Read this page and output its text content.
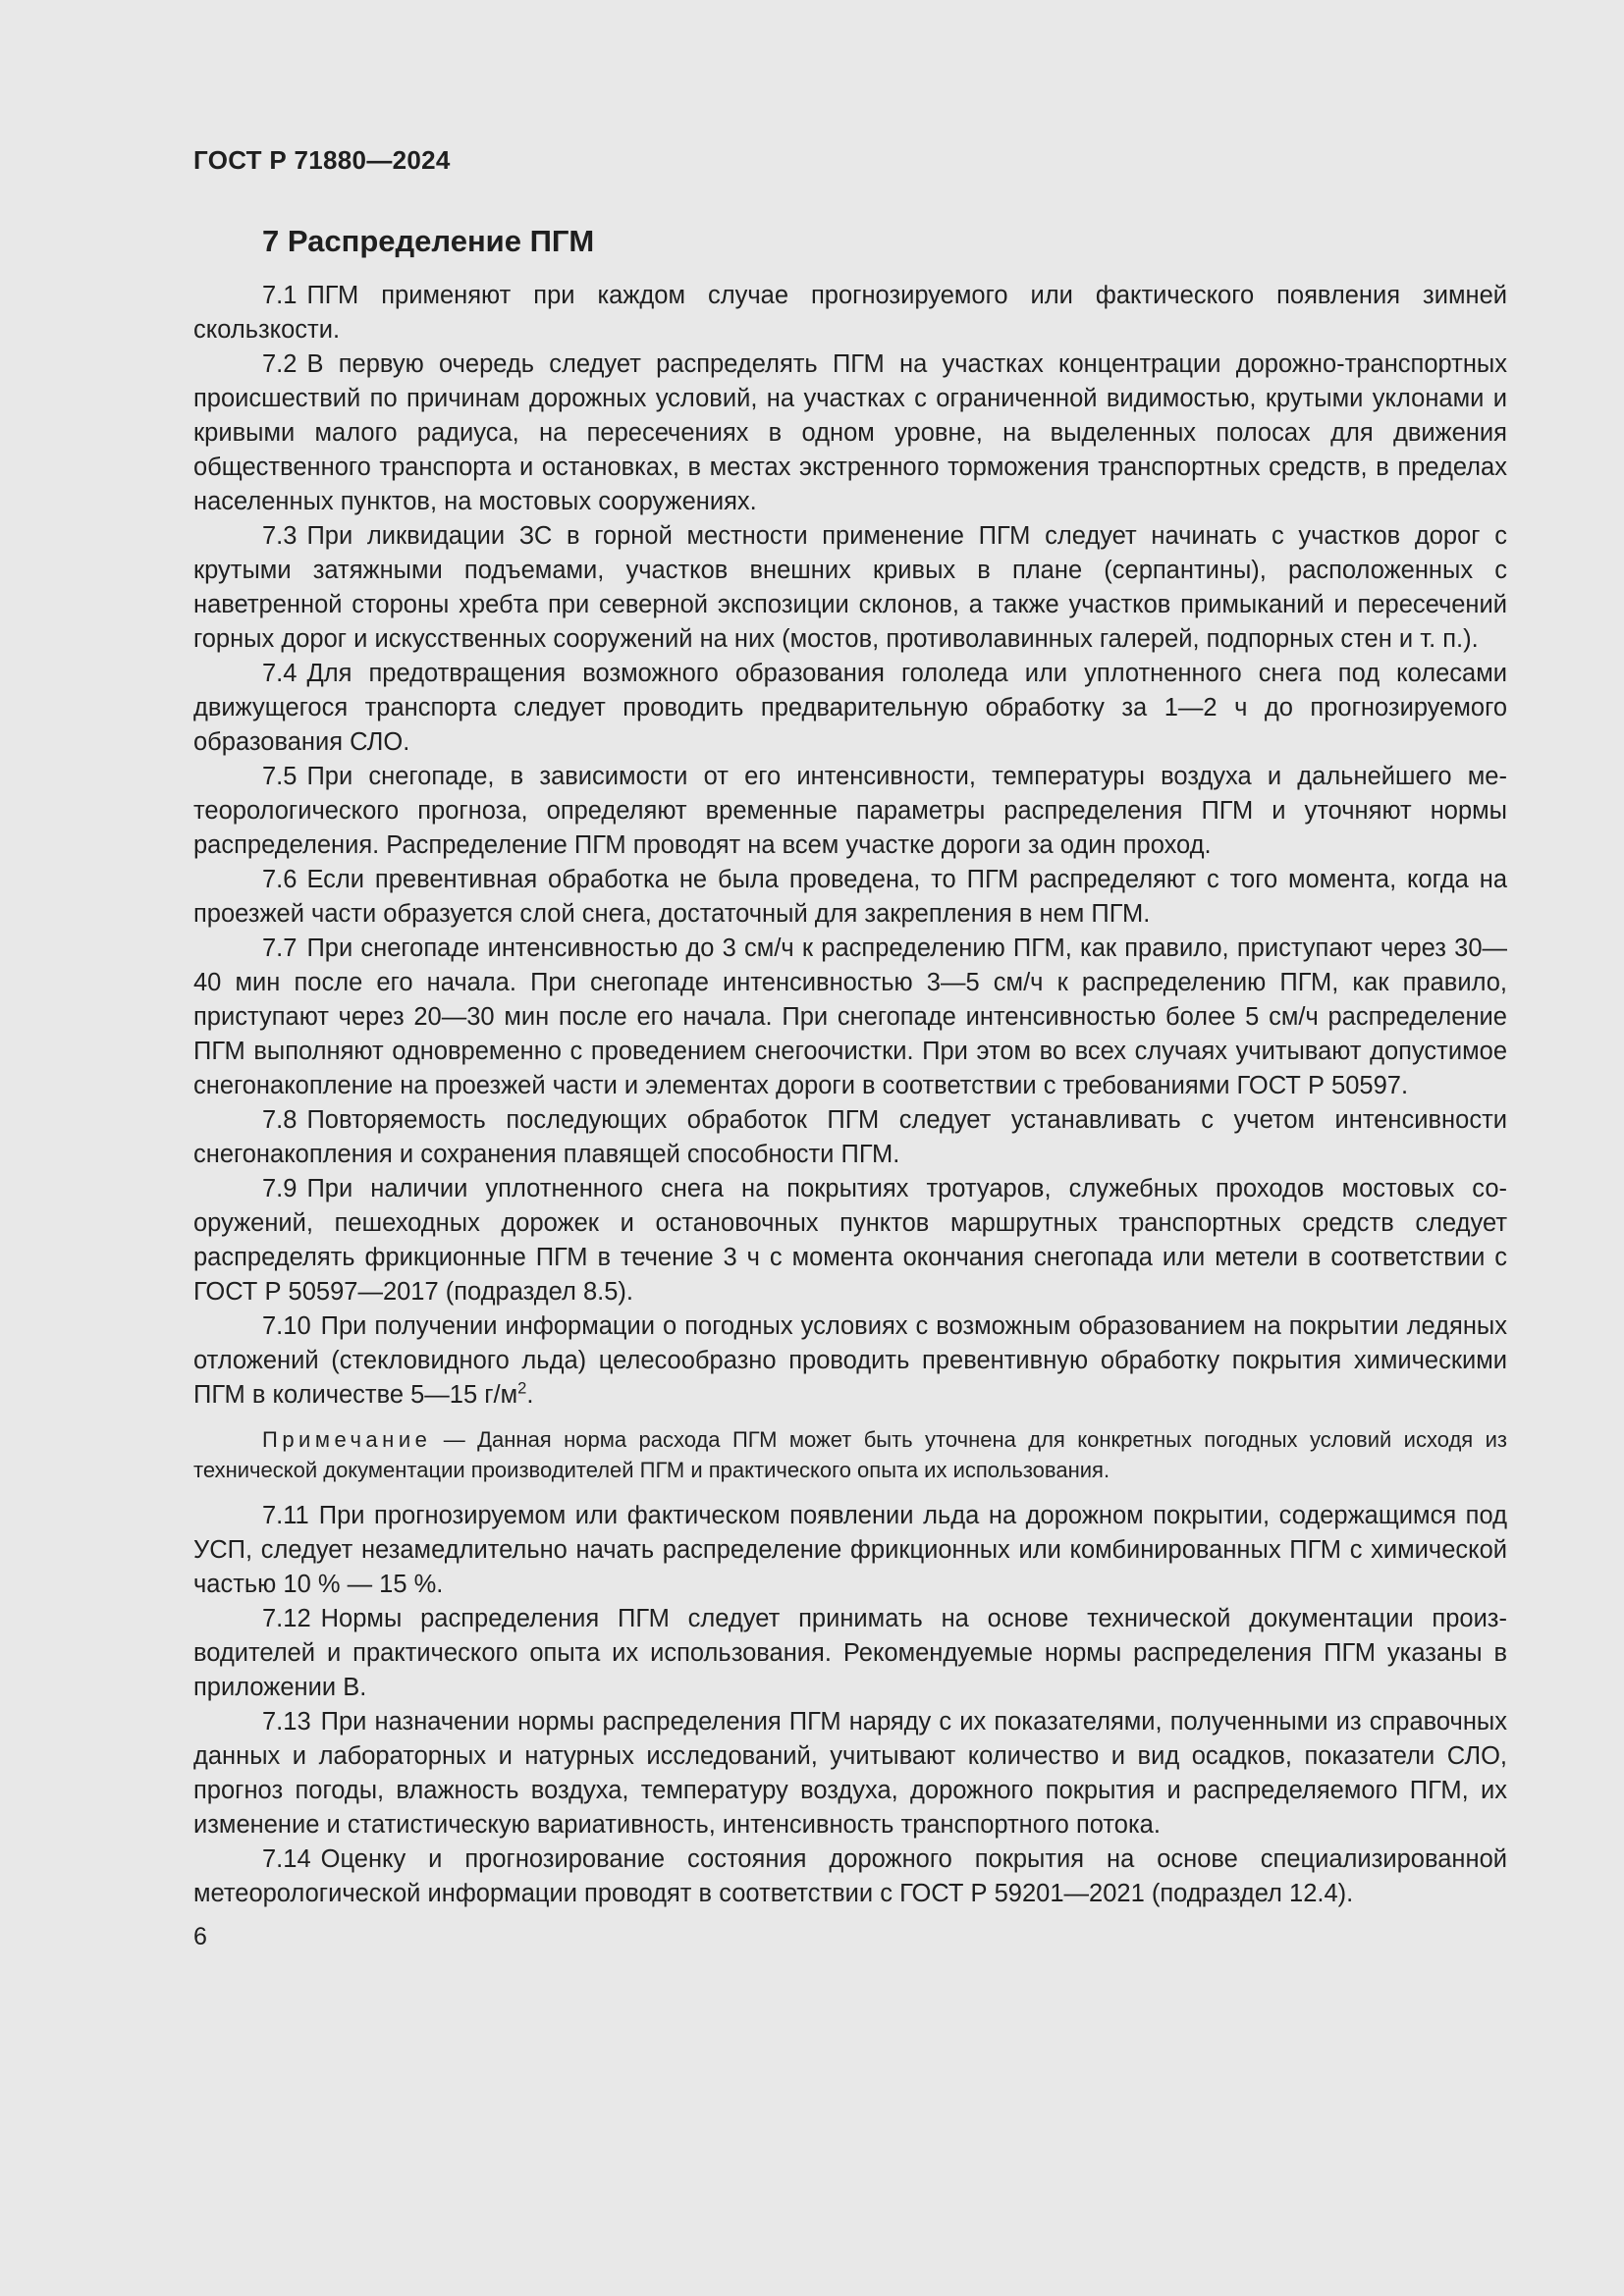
ГОСТ Р 71880—2024
7 Распределение ПГМ

7.1 ПГМ применяют при каждом случае прогнозируемого или фактического появления зимней скользкости.

7.2 В первую очередь следует распределять ПГМ на участках концентрации дорожно-транспортных происшествий по причинам дорожных условий, на участках с ограниченной видимостью, крутыми уклонами и кривыми малого радиуса, на пересечениях в одном уровне, на выделенных полосах для движения общественного транспорта и остановках, в местах экстренного торможения транспортных средств, в пределах населенных пунктов, на мостовых сооружениях.

7.3 При ликвидации ЗС в горной местности применение ПГМ следует начинать с участков дорог с крутыми затяжными подъемами, участков внешних кривых в плане (серпантины), расположенных с наветренной стороны хребта при северной экспозиции склонов, а также участков примыканий и пересечений горных дорог и искусственных сооружений на них (мостов, противолавинных галерей, подпорных стен и т. п.).

7.4 Для предотвращения возможного образования гололеда или уплотненного снега под колесами движущегося транспорта следует проводить предварительную обработку за 1—2 ч до прогнозируемого образования СЛО.

7.5 При снегопаде, в зависимости от его интенсивности, температуры воздуха и дальнейшего метеорологического прогноза, определяют временные параметры распределения ПГМ и уточняют нормы распределения. Распределение ПГМ проводят на всем участке дороги за один проход.

7.6 Если превентивная обработка не была проведена, то ПГМ распределяют с того момента, когда на проезжей части образуется слой снега, достаточный для закрепления в нем ПГМ.

7.7 При снегопаде интенсивностью до 3 см/ч к распределению ПГМ, как правило, приступают через 30—40 мин после его начала. При снегопаде интенсивностью 3—5 см/ч к распределению ПГМ, как правило, приступают через 20—30 мин после его начала. При снегопаде интенсивностью более 5 см/ч распределение ПГМ выполняют одновременно с проведением снегоочистки. При этом во всех случаях учитывают допустимое снегонакопление на проезжей части и элементах дороги в соответствии с требованиями ГОСТ Р 50597.

7.8 Повторяемость последующих обработок ПГМ следует устанавливать с учетом интенсивности снегонакопления и сохранения плавящей способности ПГМ.

7.9 При наличии уплотненного снега на покрытиях тротуаров, служебных проходов мостовых сооружений, пешеходных дорожек и остановочных пунктов маршрутных транспортных средств следует распределять фрикционные ПГМ в течение 3 ч с момента окончания снегопада или метели в соответствии с ГОСТ Р 50597—2017 (подраздел 8.5).

7.10 При получении информации о погодных условиях с возможным образованием на покрытии ледяных отложений (стекловидного льда) целесообразно проводить превентивную обработку покрытия химическими ПГМ в количестве 5—15 $г/м^2$.

Примечание — Данная норма расхода ПГМ может быть уточнена для конкретных погодных условий исходя из технической документации производителей ПГМ и практического опыта их использования.

7.11 При прогнозируемом или фактическом появлении льда на дорожном покрытии, содержащимся под УСП, следует незамедлительно начать распределение фрикционных или комбинированных ПГМ с химической частью 10 % — 15 %.

7.12 Нормы распределения ПГМ следует принимать на основе технической документации производителей и практического опыта их использования. Рекомендуемые нормы распределения ПГМ указаны в приложении В.

7.13 При назначении нормы распределения ПГМ наряду с их показателями, полученными из справочных данных и лабораторных и натурных исследований, учитывают количество и вид осадков, показатели СЛО, прогноз погоды, влажность воздуха, температуру воздуха, дорожного покрытия и распределяемого ПГМ, их изменение и статистическую вариативность, интенсивность транспортного потока.

7.14 Оценку и прогнозирование состояния дорожного покрытия на основе специализированной метеорологической информации проводят в соответствии с ГОСТ Р 59201—2021 (подраздел 12.4).

6
